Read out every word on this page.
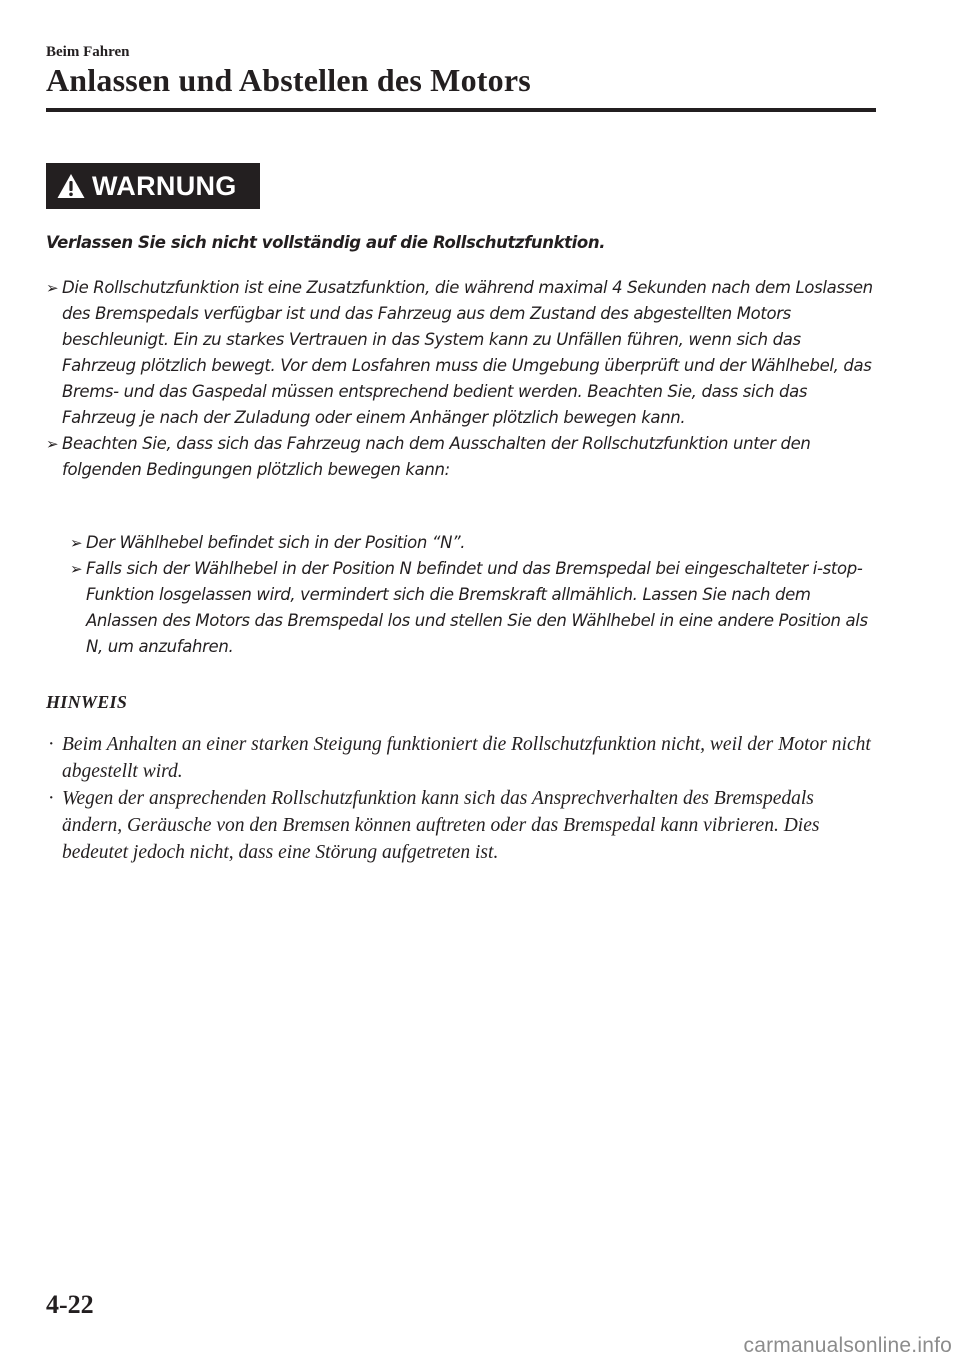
Beim Fahren
Anlassen und Abstellen des Motors
WARNUNG
Verlassen Sie sich nicht vollständig auf die Rollschutzfunktion.
➢ Die Rollschutzfunktion ist eine Zusatzfunktion, die während maximal 4 Sekunden nach dem Loslassen des Bremspedals verfügbar ist und das Fahrzeug aus dem Zustand des abgestellten Motors beschleunigt. Ein zu starkes Vertrauen in das System kann zu Unfällen führen, wenn sich das Fahrzeug plötzlich bewegt. Vor dem Losfahren muss die Umgebung überprüft und der Wählhebel, das Brems- und das Gaspedal müssen entsprechend bedient werden. Beachten Sie, dass sich das Fahrzeug je nach der Zuladung oder einem Anhänger plötzlich bewegen kann.
➢ Beachten Sie, dass sich das Fahrzeug nach dem Ausschalten der Rollschutzfunktion unter den folgenden Bedingungen plötzlich bewegen kann:
➢ Der Wählhebel befindet sich in der Position “N”.
➢ Falls sich der Wählhebel in der Position N befindet und das Bremspedal bei eingeschalteter i-stop-Funktion losgelassen wird, vermindert sich die Bremskraft allmählich. Lassen Sie nach dem Anlassen des Motors das Bremspedal los und stellen Sie den Wählhebel in eine andere Position als N, um anzufahren.
HINWEIS
· Beim Anhalten an einer starken Steigung funktioniert die Rollschutzfunktion nicht, weil der Motor nicht abgestellt wird.
· Wegen der ansprechenden Rollschutzfunktion kann sich das Ansprechverhalten des Bremspedals ändern, Geräusche von den Bremsen können auftreten oder das Bremspedal kann vibrieren. Dies bedeutet jedoch nicht, dass eine Störung aufgetreten ist.
4-22
carmanualsonline.info
